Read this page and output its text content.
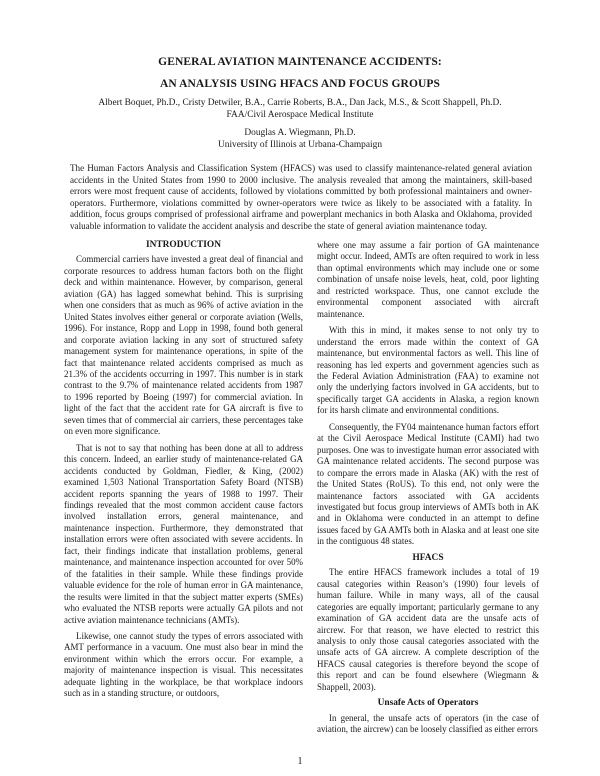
GENERAL AVIATION MAINTENANCE ACCIDENTS:
AN ANALYSIS USING HFACS AND FOCUS GROUPS
Albert Boquet, Ph.D., Cristy Detwiler, B.A., Carrie Roberts, B.A., Dan Jack, M.S., & Scott Shappell, Ph.D.
FAA/Civil Aerospace Medical Institute
Douglas A. Wiegmann, Ph.D.
University of Illinois at Urbana-Champaign
The Human Factors Analysis and Classification System (HFACS) was used to classify maintenance-related general aviation accidents in the United States from 1990 to 2000 inclusive. The analysis revealed that among the maintainers, skill-based errors were most frequent cause of accidents, followed by violations committed by both professional maintainers and owner-operators. Furthermore, violations committed by owner-operators were twice as likely to be associated with a fatality. In addition, focus groups comprised of professional airframe and powerplant mechanics in both Alaska and Oklahoma, provided valuable information to validate the accident analysis and describe the state of general aviation maintenance today.
INTRODUCTION

Commercial carriers have invested a great deal of financial and corporate resources to address human factors both on the flight deck and within maintenance. However, by comparison, general aviation (GA) has lagged somewhat behind. This is surprising when one considers that as much as 96% of active aviation in the United States involves either general or corporate aviation (Wells, 1996). For instance, Ropp and Lopp in 1998, found both general and corporate aviation lacking in any sort of structured safety management system for maintenance operations, in spite of the fact that maintenance related accidents comprised as much as 21.3% of the accidents occurring in 1997. This number is in stark contrast to the 9.7% of maintenance related accidents from 1987 to 1996 reported by Boeing (1997) for commercial aviation. In light of the fact that the accident rate for GA aircraft is five to seven times that of commercial air carriers, these percentages take on even more significance.

That is not to say that nothing has been done at all to address this concern. Indeed, an earlier study of maintenance-related GA accidents conducted by Goldman, Fiedler, & King, (2002) examined 1,503 National Transportation Safety Board (NTSB) accident reports spanning the years of 1988 to 1997. Their findings revealed that the most common accident cause factors involved installation errors, general maintenance, and maintenance inspection. Furthermore, they demonstrated that installation errors were often associated with severe accidents. In fact, their findings indicate that installation problems, general maintenance, and maintenance inspection accounted for over 50% of the fatalities in their sample. While these findings provide valuable evidence for the role of human error in GA maintenance, the results were limited in that the subject matter experts (SMEs) who evaluated the NTSB reports were actually GA pilots and not active aviation maintenance technicians (AMTs).

Likewise, one cannot study the types of errors associated with AMT performance in a vacuum. One must also bear in mind the environment within which the errors occur. For example, a majority of maintenance inspection is visual. This necessitates adequate lighting in the workplace, be that workplace indoors such as in a standing structure, or outdoors,

where one may assume a fair portion of GA maintenance might occur. Indeed, AMTs are often required to work in less than optimal environments which may include one or some combination of unsafe noise levels, heat, cold, poor lighting and restricted workspace. Thus, one cannot exclude the environmental component associated with aircraft maintenance.

With this in mind, it makes sense to not only try to understand the errors made within the context of GA maintenance, but environmental factors as well. This line of reasoning has led experts and government agencies such as the Federal Aviation Administration (FAA) to examine not only the underlying factors involved in GA accidents, but to specifically target GA accidents in Alaska, a region known for its harsh climate and environmental conditions.

Consequently, the FY04 maintenance human factors effort at the Civil Aerospace Medical Institute (CAMI) had two purposes. One was to investigate human error associated with GA maintenance related accidents. The second purpose was to compare the errors made in Alaska (AK) with the rest of the United States (RoUS). To this end, not only were the maintenance factors associated with GA accidents investigated but focus group interviews of AMTs both in AK and in Oklahoma were conducted in an attempt to define issues faced by GA AMTs both in Alaska and at least one site in the contiguous 48 states.

HFACS

The entire HFACS framework includes a total of 19 causal categories within Reason’s (1990) four levels of human failure. While in many ways, all of the causal categories are equally important; particularly germane to any examination of GA accident data are the unsafe acts of aircrew. For that reason, we have elected to restrict this analysis to only those causal categories associated with the unsafe acts of GA aircrew. A complete description of the HFACS causal categories is therefore beyond the scope of this report and can be found elsewhere (Wiegmann & Shappell, 2003).

Unsafe Acts of Operators

In general, the unsafe acts of operators (in the case of aviation, the aircrew) can be loosely classified as either errors

1
